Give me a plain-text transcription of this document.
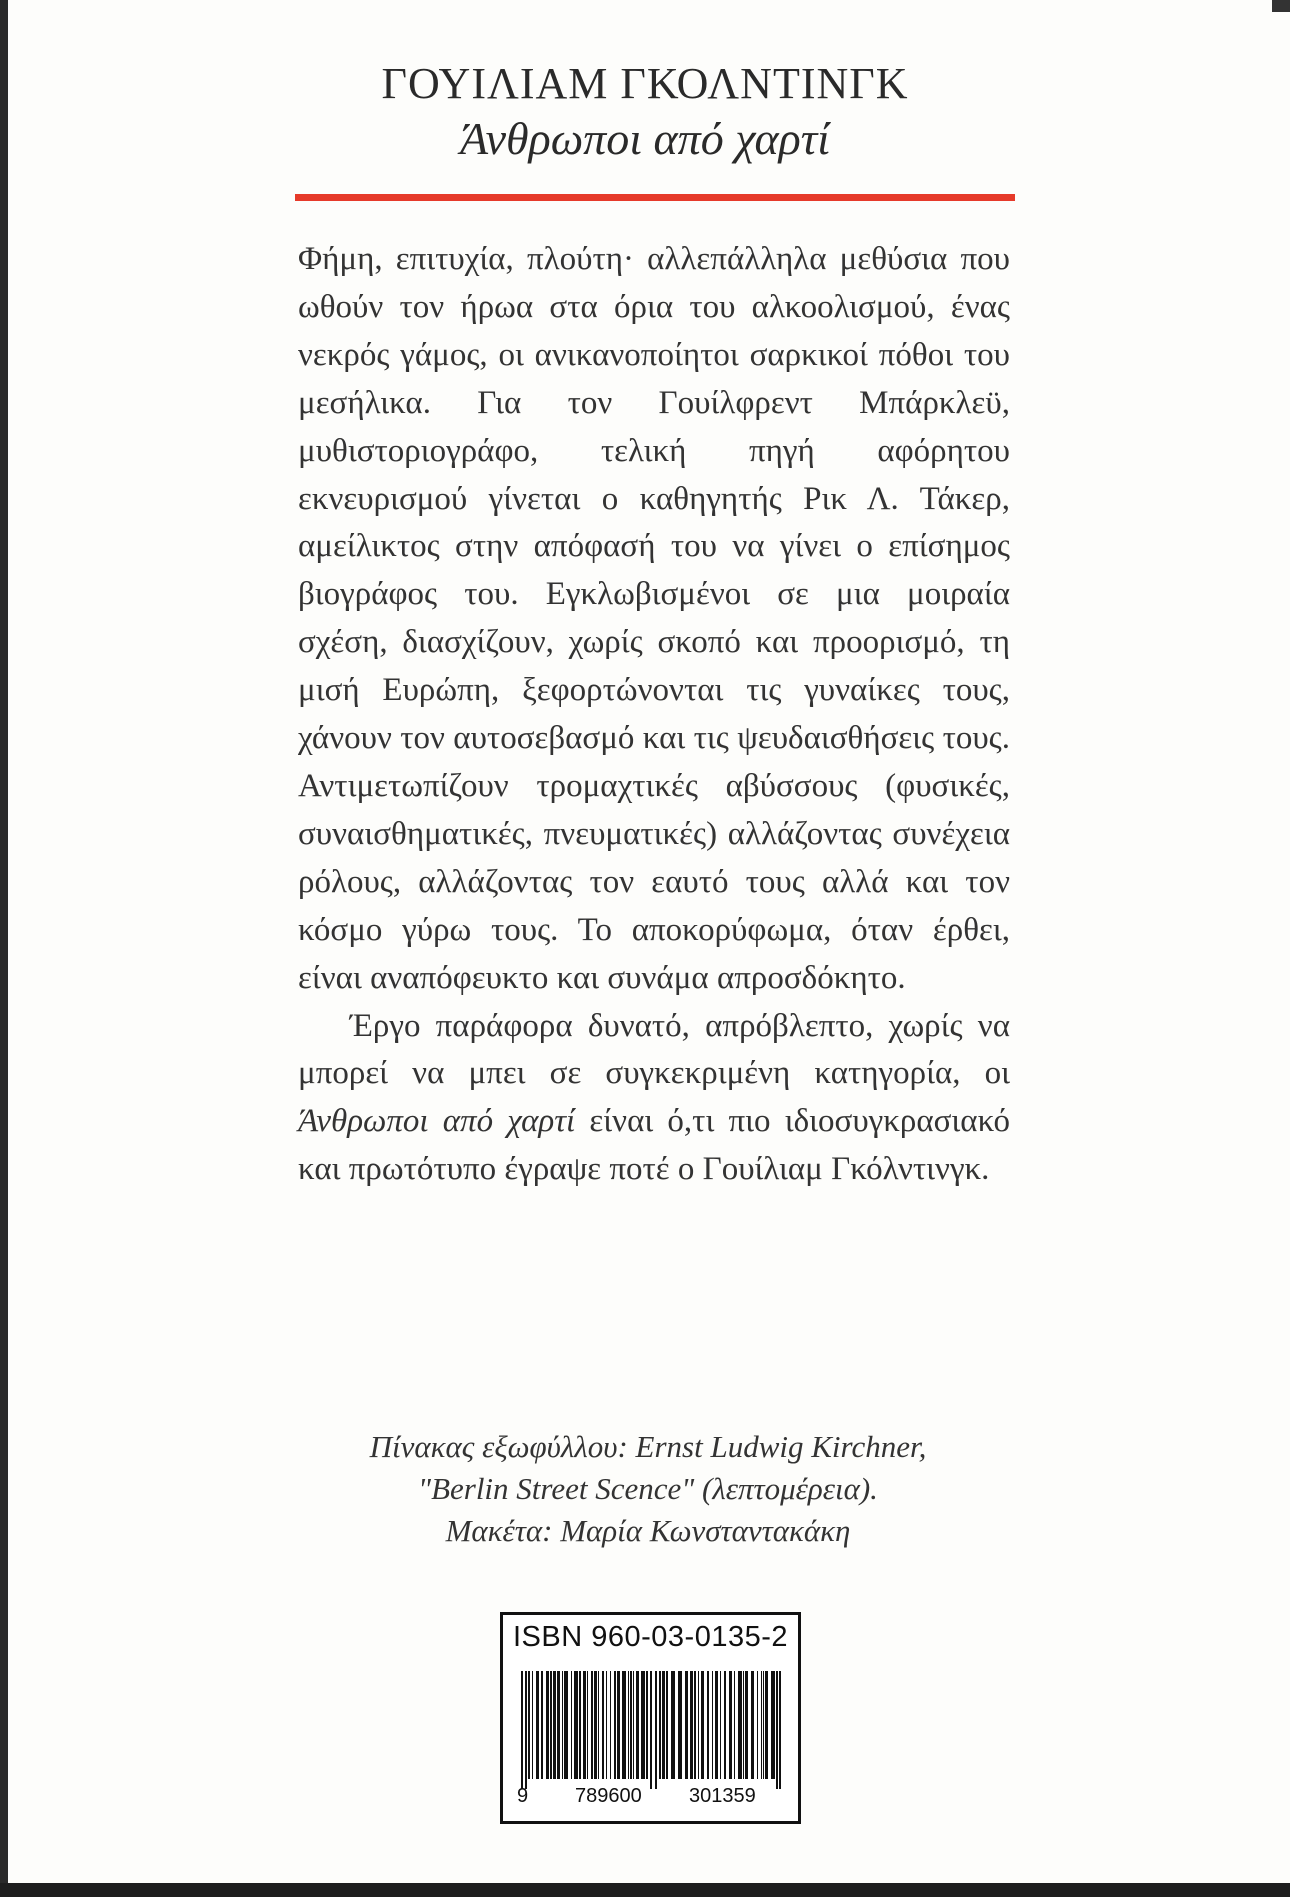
ΓΟΥΙΛΙΑΜ ΓΚΟΛΝΤΙΝΓΚ
Άνθρωποι από χαρτί

Φήμη, επιτυχία, πλούτη· αλλεπάλληλα μεθύσια που ωθούν τον ήρωα στα όρια του αλκοολισμού, ένας νεκρός γάμος, οι ανικανοποίητοι σαρκικοί πόθοι του μεσήλικα. Για τον Γουίλφρεντ Μπάρκλεϋ, μυθιστοριογράφο, τελική πηγή αφόρητου εκνευρισμού γίνεται ο καθηγητής Ρικ Λ. Τάκερ, αμείλικτος στην απόφασή του να γίνει ο επίσημος βιογράφος του. Εγκλωβισμένοι σε μια μοιραία σχέση, διασχίζουν, χωρίς σκοπό και προορισμό, τη μισή Ευρώπη, ξεφορτώνονται τις γυναίκες τους, χάνουν τον αυτοσεβασμό και τις ψευδαισθήσεις τους. Αντιμετωπίζουν τρομαχτικές αβύσσους (φυσικές, συναισθηματικές, πνευματικές) αλλάζοντας συνέχεια ρόλους, αλλάζοντας τον εαυτό τους αλλά και τον κόσμο γύρω τους. Το αποκορύφωμα, όταν έρθει, είναι αναπόφευκτο και συνάμα απροσδόκητο.

Έργο παράφορα δυνατό, απρόβλεπτο, χωρίς να μπορεί να μπει σε συγκεκριμένη κατηγορία, οι Άνθρωποι από χαρτί είναι ό,τι πιο ιδιοσυγκρασιακό και πρωτότυπο έγραψε ποτέ ο Γουίλιαμ Γκόλντινγκ.

Πίνακας εξωφύλλου: Ernst Ludwig Kirchner,
"Berlin Street Scence" (λεπτομέρεια).
Μακέτα: Μαρία Κωνσταντακάκη
ISBN 960-03-0135-2
9 789600 301359
